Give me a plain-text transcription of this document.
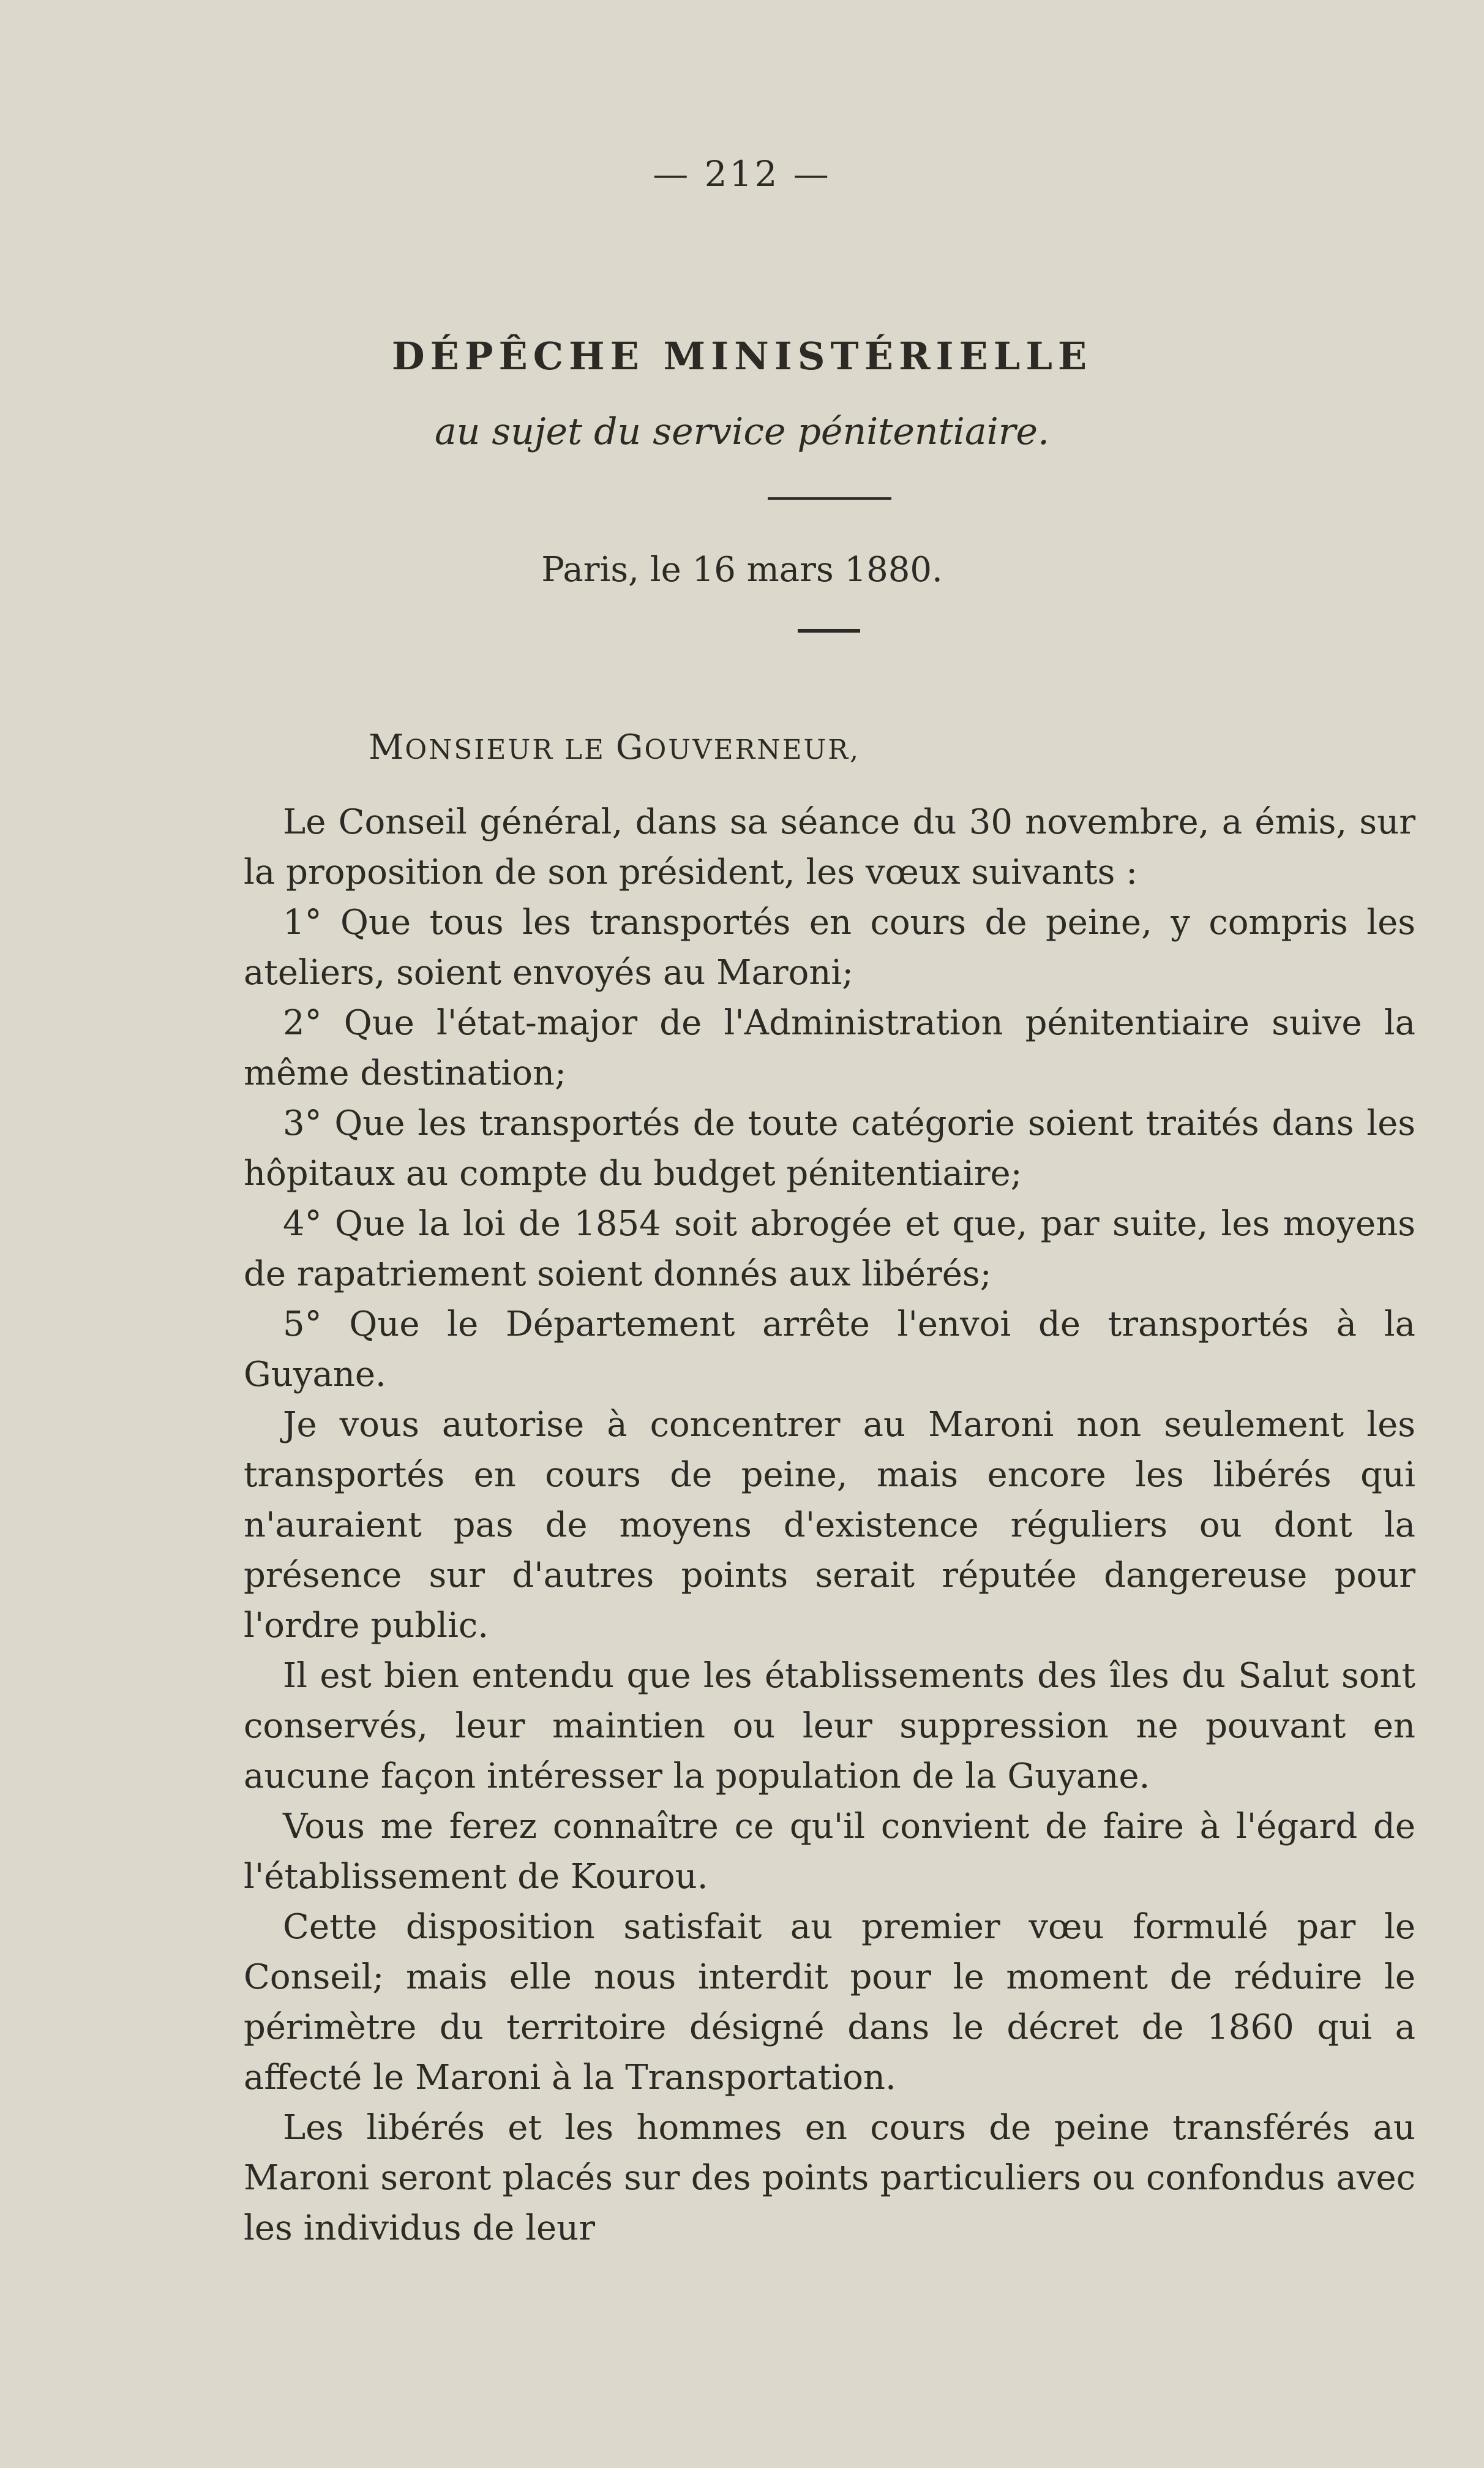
— 212 —
DÉPÊCHE MINISTÉRIELLE
au sujet du service pénitentiaire.
Paris, le 16 mars 1880.
MONSIEUR LE GOUVERNEUR,

Le Conseil général, dans sa séance du 30 novembre, a émis, sur la proposition de son président, les vœux suivants :

1° Que tous les transportés en cours de peine, y compris les ateliers, soient envoyés au Maroni;

2° Que l'état-major de l'Administration pénitentiaire suive la même destination;

3° Que les transportés de toute catégorie soient traités dans les hôpitaux au compte du budget pénitentiaire;

4° Que la loi de 1854 soit abrogée et que, par suite, les moyens de rapatriement soient donnés aux libérés;

5° Que le Département arrête l'envoi de transportés à la Guyane.

Je vous autorise à concentrer au Maroni non seulement les transportés en cours de peine, mais encore les libérés qui n'auraient pas de moyens d'existence réguliers ou dont la présence sur d'autres points serait réputée dangereuse pour l'ordre public.

Il est bien entendu que les établissements des îles du Salut sont conservés, leur maintien ou leur suppression ne pouvant en aucune façon intéresser la population de la Guyane.

Vous me ferez connaître ce qu'il convient de faire à l'égard de l'établissement de Kourou.

Cette disposition satisfait au premier vœu formulé par le Conseil; mais elle nous interdit pour le moment de réduire le périmètre du territoire désigné dans le décret de 1860 qui a affecté le Maroni à la Transportation.

Les libérés et les hommes en cours de peine transférés au Maroni seront placés sur des points particuliers ou confondus avec les individus de leur
